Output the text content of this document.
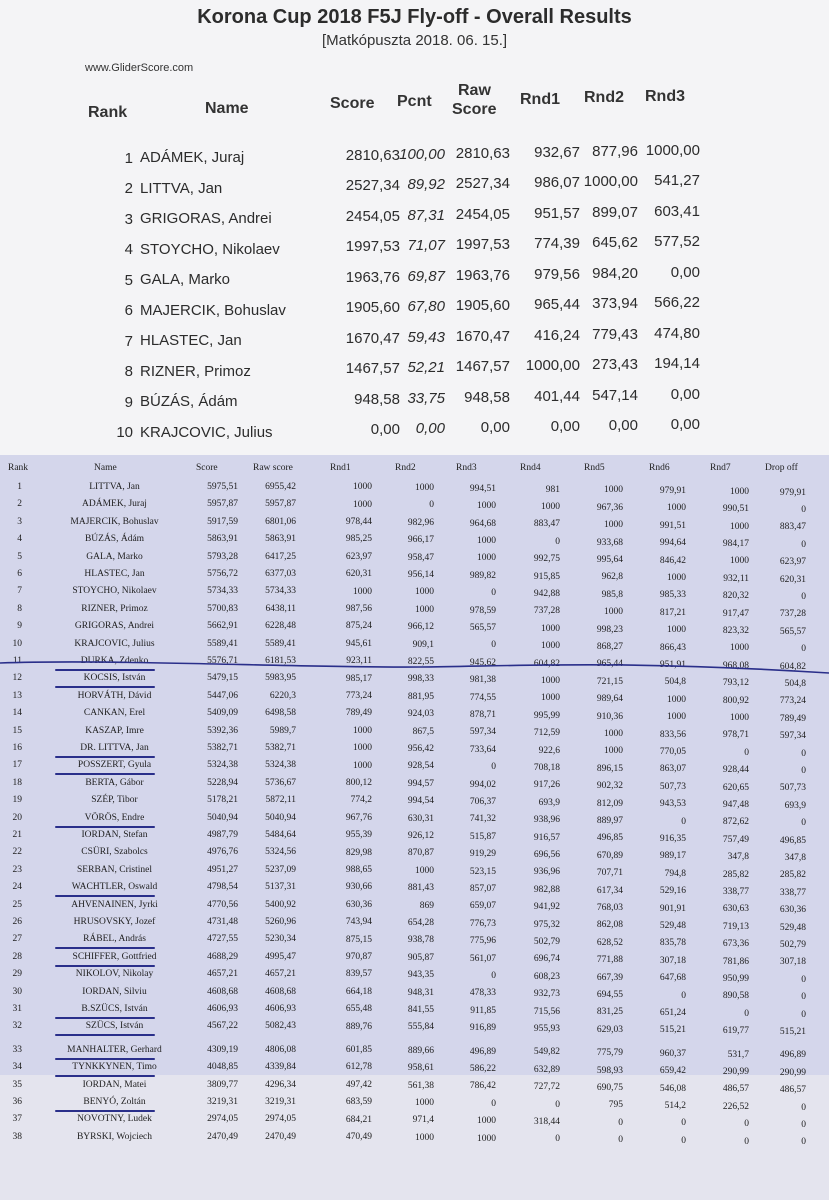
Korona Cup 2018 F5J Fly-off - Overall Results
[Matkópuszta 2018. 06. 15.]
www.GliderScore.com
Rank	Name	Score Pcnt
Raw
Score
Rnd1 Rnd2 Rnd3
1 ADÁMEK, Juraj	2810,63 100,00 2810,63	932,67 877,96 1000,00
2 LITTVA, Jan	2527,34 89,92 2527,34	986,07 1000,00	541,27
3 GRIGORAS, Andrei	2454,05 87,31 2454,05	951,57 899,07	603,41
4 STOYCHO, Nikolaev	1997,53 71,07 1997,53	774,39 645,62	577,52
5 GALA, Marko	1963,76 69,87 1963,76	979,56 984,20	0,00
6 MAJERCIK, Bohuslav	1905,60 67,80 1905,60	965,44 373,94	566,22
7 HLASTEC, Jan	1670,47 59,43 1670,47	416,24 779,43	474,80
8 RIZNER, Primoz	1467,57 52,21 1467,57	1000,00 273,43	194,14
9 BÚZÁS, Ádám	948,58 33,75	948,58	401,44 547,14	0,00
10 KRAJCOVIC, Julius	0,00	0,00	0,00	0,00	0,00	0,00
Rank	Name	Score	Raw score	Rnd1	Rnd2	Rnd3	Rnd4	Rnd5	Rnd6	Rnd7	Drop off
1	LITTVA, Jan	5975,51	6955,42	1000	1000	994,51	981	1000	979,91	1000	979,91
2	ADÁMEK, Juraj	5957,87	5957,87	1000	0	1000	1000	967,36	1000	990,51	0
3	MAJERCIK, Bohuslav	5917,59	6801,06	978,44	982,96	964,68	883,47	1000	991,51	1000	883,47
4	BÚZÁS, Ádám	5863,91	5863,91	985,25	966,17	1000	0	933,68	994,64	984,17	0
5	GALA, Marko	5793,28	6417,25	623,97	958,47	1000	992,75	995,64	846,42	1000	623,97
6	HLASTEC, Jan	5756,72	6377,03	620,31	956,14	989,82	915,85	962,8	1000	932,11	620,31
7	STOYCHO, Nikolaev	5734,33	5734,33	1000	1000	0	942,88	985,8	985,33	820,32	0
8	RIZNER, Primoz	5700,83	6438,11	987,56	1000	978,59	737,28	1000	817,21	917,47	737,28
9	GRIGORAS, Andrei	5662,91	6228,48	875,24	966,12	565,57	1000	998,23	1000	823,32	565,57
10	KRAJCOVIC, Julius	5589,41	5589,41	945,61	909,1	0	1000	868,27	866,43	1000	0
11	DURKA, Zdenko	5576,71	6181,53	923,11	822,55	945,62	604,82	965,44	951,91	968,08	604,82
12	KOCSIS, István	5479,15	5983,95	985,17	998,33	981,38	1000	721,15	504,8	793,12	504,8
13	HORVÁTH, Dávid	5447,06	6220,3	773,24	881,95	774,55	1000	989,64	1000	800,92	773,24
14	CANKAN, Erel	5409,09	6498,58	789,49	924,03	878,71	995,99	910,36	1000	1000	789,49
15	KASZAP, Imre	5392,36	5989,7	1000	867,5	597,34	712,59	1000	833,56	978,71	597,34
16	DR. LITTVA, Jan	5382,71	5382,71	1000	956,42	733,64	922,6	1000	770,05	0	0
17	POSSZERT, Gyula	5324,38	5324,38	1000	928,54	0	708,18	896,15	863,07	928,44	0
18	BERTA, Gábor	5228,94	5736,67	800,12	994,57	994,02	917,26	902,32	507,73	620,65	507,73
19	SZÉP, Tibor	5178,21	5872,11	774,2	994,54	706,37	693,9	812,09	943,53	947,48	693,9
20	VÖRÖS, Endre	5040,94	5040,94	967,76	630,31	741,32	938,96	889,97	0	872,62	0
21	IORDAN, Stefan	4987,79	5484,64	955,39	926,12	515,87	916,57	496,85	916,35	757,49	496,85
22	CSÜRI, Szabolcs	4976,76	5324,56	829,98	870,87	919,29	696,56	670,89	989,17	347,8	347,8
23	SERBAN, Cristinel	4951,27	5237,09	988,65	1000	523,15	936,96	707,71	794,8	285,82	285,82
24	WACHTLER, Oswald	4798,54	5137,31	930,66	881,43	857,07	982,88	617,34	529,16	338,77	338,77
25	AHVENAINEN, Jyrki	4770,56	5400,92	630,36	869	659,07	941,92	768,03	901,91	630,63	630,36
26	HRUSOVSKY, Jozef	4731,48	5260,96	743,94	654,28	776,73	975,32	862,08	529,48	719,13	529,48
27	RÁBEL, András	4727,55	5230,34	875,15	938,78	775,96	502,79	628,52	835,78	673,36	502,79
28	SCHIFFER, Gottfried	4688,29	4995,47	970,87	905,87	561,07	696,74	771,88	307,18	781,86	307,18
29	NIKOLOV, Nikolay	4657,21	4657,21	839,57	943,35	0	608,23	667,39	647,68	950,99	0
30	IORDAN, Silviu	4608,68	4608,68	664,18	948,31	478,33	932,73	694,55	0	890,58	0
31	B.SZÜCS, István	4606,93	4606,93	655,48	841,55	911,85	715,56	831,25	651,24	0	0
32	SZÜCS, István	4567,22	5082,43	889,76	555,84	916,89	955,93	629,03	515,21	619,77	515,21
33	MANHALTER, Gerhard	4309,19	4806,08	601,85	889,66	496,89	549,82	775,79	960,37	531,7	496,89
34	TYNKKYNEN, Timo	4048,85	4339,84	612,78	958,61	586,22	632,89	598,93	659,42	290,99	290,99
35	IORDAN, Matei	3809,77	4296,34	497,42	561,38	786,42	727,72	690,75	546,08	486,57	486,57
36	BENYÓ, Zoltán	3219,31	3219,31	683,59	1000	0	0	795	514,2	226,52	0
37	NOVOTNY, Ludek	2974,05	2974,05	684,21	971,4	1000	318,44	0	0	0	0
38	BYRSKI, Wojciech	2470,49	2470,49	470,49	1000	1000	0	0	0	0	0
